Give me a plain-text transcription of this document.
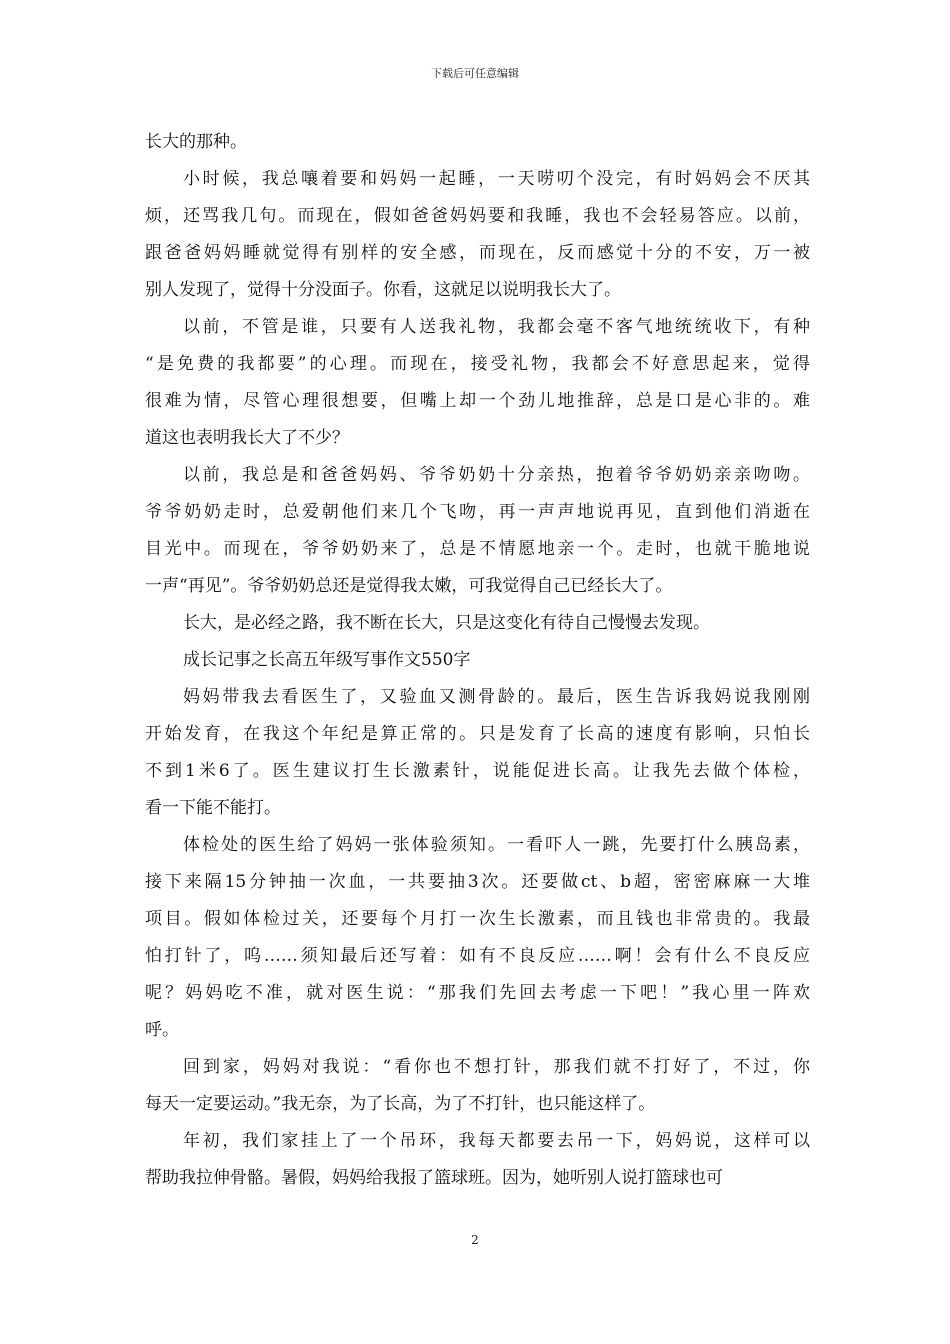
下载后可任意编辑
长大的那种。
小时候，我总嚷着要和妈妈一起睡，一天唠叨个没完，有时妈妈会不厌其
烦，还骂我几句。而现在，假如爸爸妈妈要和我睡，我也不会轻易答应。以前，
跟爸爸妈妈睡就觉得有别样的安全感，而现在，反而感觉十分的不安，万一被
别人发现了，觉得十分没面子。你看，这就足以说明我长大了。
以前，不管是谁，只要有人送我礼物，我都会毫不客气地统统收下，有种
“是免费的我都要”的心理。而现在，接受礼物，我都会不好意思起来，觉得
很难为情，尽管心理很想要，但嘴上却一个劲儿地推辞，总是口是心非的。难
道这也表明我长大了不少？
以前，我总是和爸爸妈妈、爷爷奶奶十分亲热，抱着爷爷奶奶亲亲吻吻。
爷爷奶奶走时，总爱朝他们来几个飞吻，再一声声地说再见，直到他们消逝在
目光中。而现在，爷爷奶奶来了，总是不情愿地亲一个。走时，也就干脆地说
一声“再见”。爷爷奶奶总还是觉得我太嫩，可我觉得自己已经长大了。
长大，是必经之路，我不断在长大，只是这变化有待自己慢慢去发现。
成长记事之长高五年级写事作文550字
妈妈带我去看医生了，又验血又测骨龄的。最后，医生告诉我妈说我刚刚
开始发育，在我这个年纪是算正常的。只是发育了长高的速度有影响，只怕长
不到1米6了。医生建议打生长激素针，说能促进长高。让我先去做个体检，
看一下能不能打。
体检处的医生给了妈妈一张体验须知。一看吓人一跳，先要打什么胰岛素，
接下来隔15分钟抽一次血，一共要抽3次。还要做ct、b超，密密麻麻一大堆
项目。假如体检过关，还要每个月打一次生长激素，而且钱也非常贵的。我最
怕打针了，呜……须知最后还写着：如有不良反应……啊！会有什么不良反应
呢？妈妈吃不准，就对医生说：“那我们先回去考虑一下吧！”我心里一阵欢
呼。
回到家，妈妈对我说：“看你也不想打针，那我们就不打好了，不过，你
每天一定要运动。”我无奈，为了长高，为了不打针，也只能这样了。
年初，我们家挂上了一个吊环，我每天都要去吊一下，妈妈说，这样可以
帮助我拉伸骨骼。暑假，妈妈给我报了篮球班。因为，她听别人说打篮球也可
2
